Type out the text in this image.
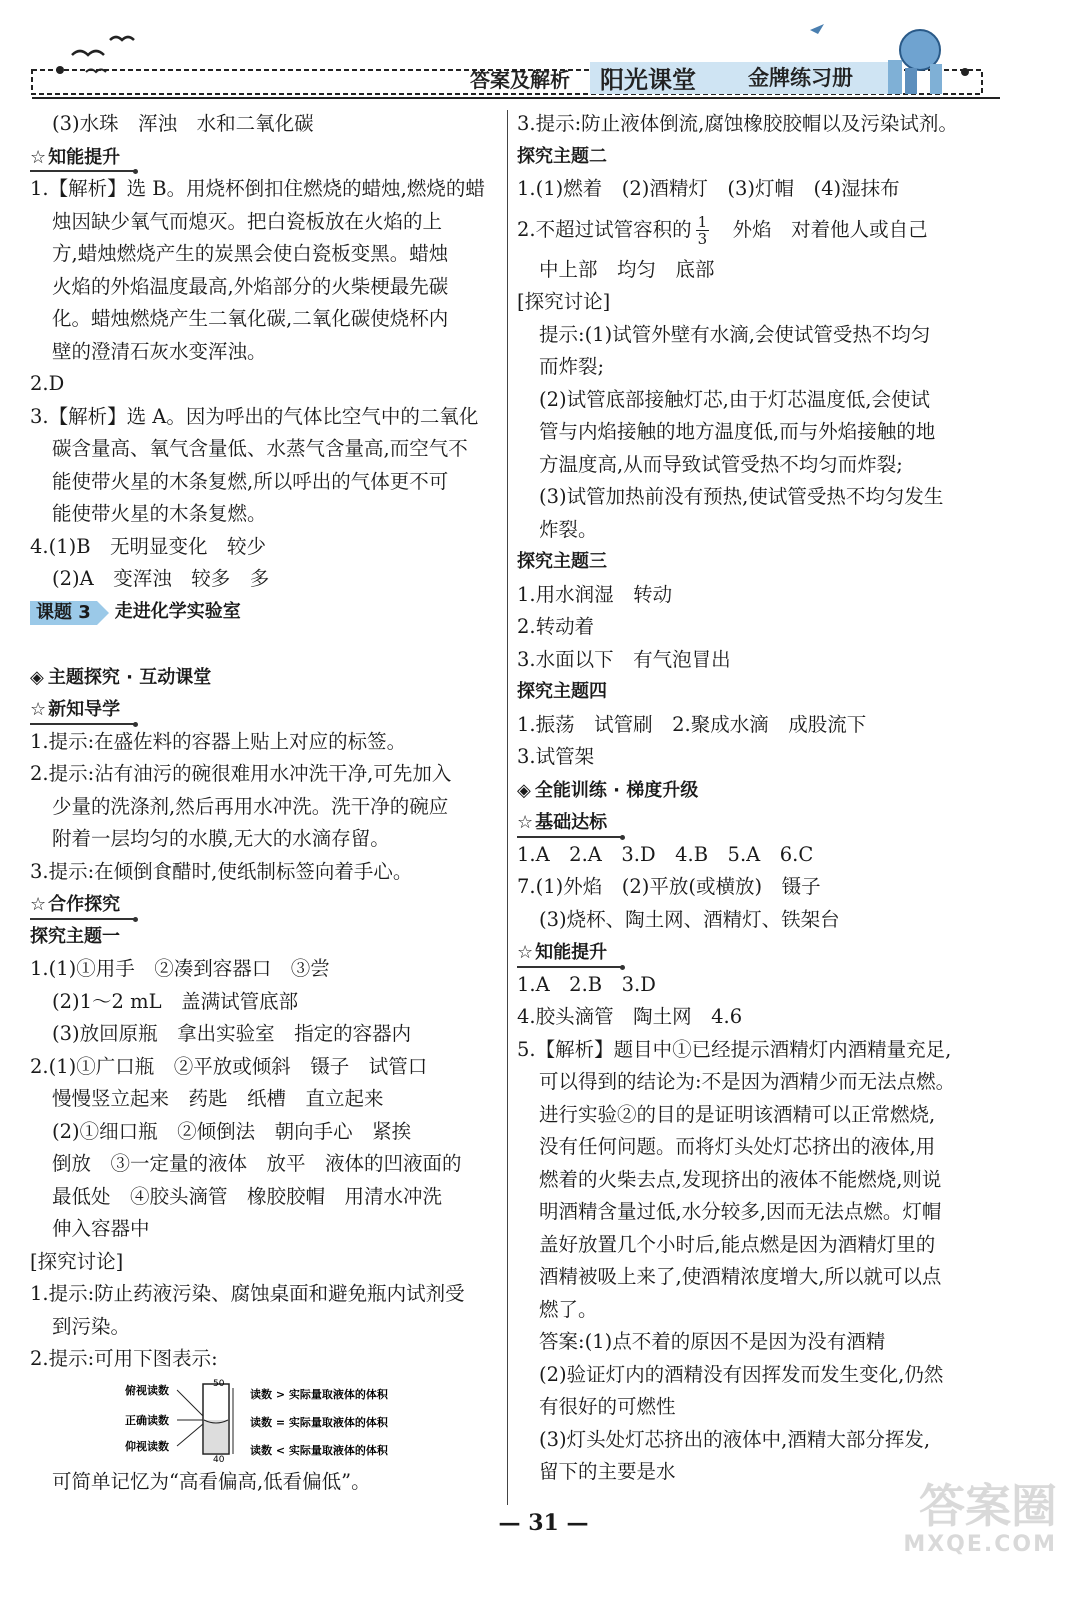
答案及解析 阳光课堂 金牌练习册
(3)水珠　浑浊　水和二氧化碳
☆ 知能提升
1.【解析】选 B。用烧杯倒扣住燃烧的蜡烛,燃烧的蜡
烛因缺少氧气而熄灭。把白瓷板放在火焰的上
方,蜡烛燃烧产生的炭黑会使白瓷板变黑。蜡烛
火焰的外焰温度最高,外焰部分的火柴梗最先碳
化。蜡烛燃烧产生二氧化碳,二氧化碳使烧杯内
壁的澄清石灰水变浑浊。
2.D
3.【解析】选 A。因为呼出的气体比空气中的二氧化
碳含量高、氧气含量低、水蒸气含量高,而空气不
能使带火星的木条复燃,所以呼出的气体更不可
能使带火星的木条复燃。
4.(1)B　无明显变化　较少
(2)A　变浑浊　较多　多
课题 3	走进化学实验室
◈ 主题探究 · 互动课堂
☆ 新知导学
1.提示:在盛佐料的容器上贴上对应的标签。
2.提示:沾有油污的碗很难用水冲洗干净,可先加入
少量的洗涤剂,然后再用水冲洗。洗干净的碗应
附着一层均匀的水膜,无大的水滴存留。
3.提示:在倾倒食醋时,使纸制标签向着手心。
☆ 合作探究
探究主题一
1.(1)①用手　②凑到容器口　③尝
(2)1～2 mL　盖满试管底部
(3)放回原瓶　拿出实验室　指定的容器内
2.(1)①广口瓶　②平放或倾斜　镊子　试管口
慢慢竖立起来　药匙　纸槽　直立起来
(2)①细口瓶　②倾倒法　朝向手心　紧挨
倒放　③一定量的液体　放平　液体的凹液面的
最低处　④胶头滴管　橡胶胶帽　用清水冲洗
伸入容器中
[探究讨论]
1.提示:防止药液污染、腐蚀桌面和避免瓶内试剂受
到污染。
2.提示:可用下图表示:
3.提示:防止液体倒流,腐蚀橡胶胶帽以及污染试剂。
探究主题二
1.(1)燃着　(2)酒精灯　(3)灯帽　(4)湿抹布
2.不超过试管容积的 $\frac{1}{3}$ 　外焰　对着他人或自己
中上部　均匀　底部
[探究讨论]
提示:(1)试管外壁有水滴,会使试管受热不均匀
而炸裂;
(2)试管底部接触灯芯,由于灯芯温度低,会使试
管与内焰接触的地方温度低,而与外焰接触的地
方温度高,从而导致试管受热不均匀而炸裂;
(3)试管加热前没有预热,使试管受热不均匀发生
炸裂。
探究主题三
1.用水润湿　转动
2.转动着
3.水面以下　有气泡冒出
探究主题四
1.振荡　试管刷　2.聚成水滴　成股流下
3.试管架
◈ 全能训练 · 梯度升级
☆ 基础达标
1.A　2.A　3.D　4.B　5.A　6.C
7.(1)外焰　(2)平放(或横放)　镊子
(3)烧杯、陶土网、酒精灯、铁架台
☆ 知能提升
1.A　2.B　3.D
4.胶头滴管　陶土网　4.6
5.【解析】题目中①已经提示酒精灯内酒精量充足,
可以得到的结论为:不是因为酒精少而无法点燃。
进行实验②的目的是证明该酒精可以正常燃烧,
没有任何问题。而将灯头处灯芯挤出的液体,用
燃着的火柴去点,发现挤出的液体不能燃烧,则说
明酒精含量过低,水分较多,因而无法点燃。灯帽
盖好放置几个小时后,能点燃是因为酒精灯里的
酒精被吸上来了,使酒精浓度增大,所以就可以点
燃了。
答案:(1)点不着的原因不是因为没有酒精
(2)验证灯内的酒精没有因挥发而发生变化,仍然
有很好的可燃性
(3)灯头处灯芯挤出的液体中,酒精大部分挥发,
留下的主要是水
俯视读数
正确读数
仰视读数
50
40
读数 > 实际量取液体的体积
读数 = 实际量取液体的体积
读数 < 实际量取液体的体积
可简单记忆为“高看偏高,低看偏低”。
— 31 —	答案圈
MXQE.COM
